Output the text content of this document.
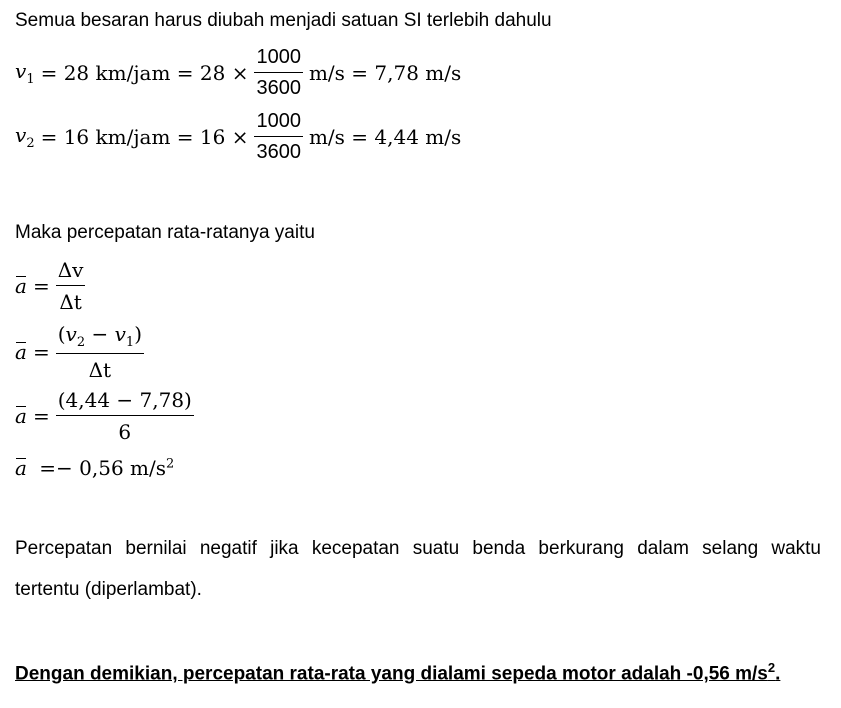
Semua besaran harus diubah menjadi satuan SI terlebih dahulu
$v_1 = 28$ $km/jam = 28 \times \frac{1000}{3600} m/s = 7,78$ m/s
$v_2 = 16$ $km/jam = 16 \times \frac{1000}{3600} m/s = 4,44$ m/s
Maka percepatan rata-ratanya yaitu
$a = \frac{\Delta v}{\Delta t}$
$a = \frac{(v_2 - v_1)}{\Delta t}$
$a = \frac{(4,44 - 7,78)}{6}$
a =− 0,56 $m/s^2$
Percepatan bernilai negatif jika kecepatan suatu benda berkurang dalam selang waktu
tertentu (diperlambat).
Dengan demikian, percepatan rata-rata yang dialami sepeda motor adalah -0,56 $m/s^2$.
